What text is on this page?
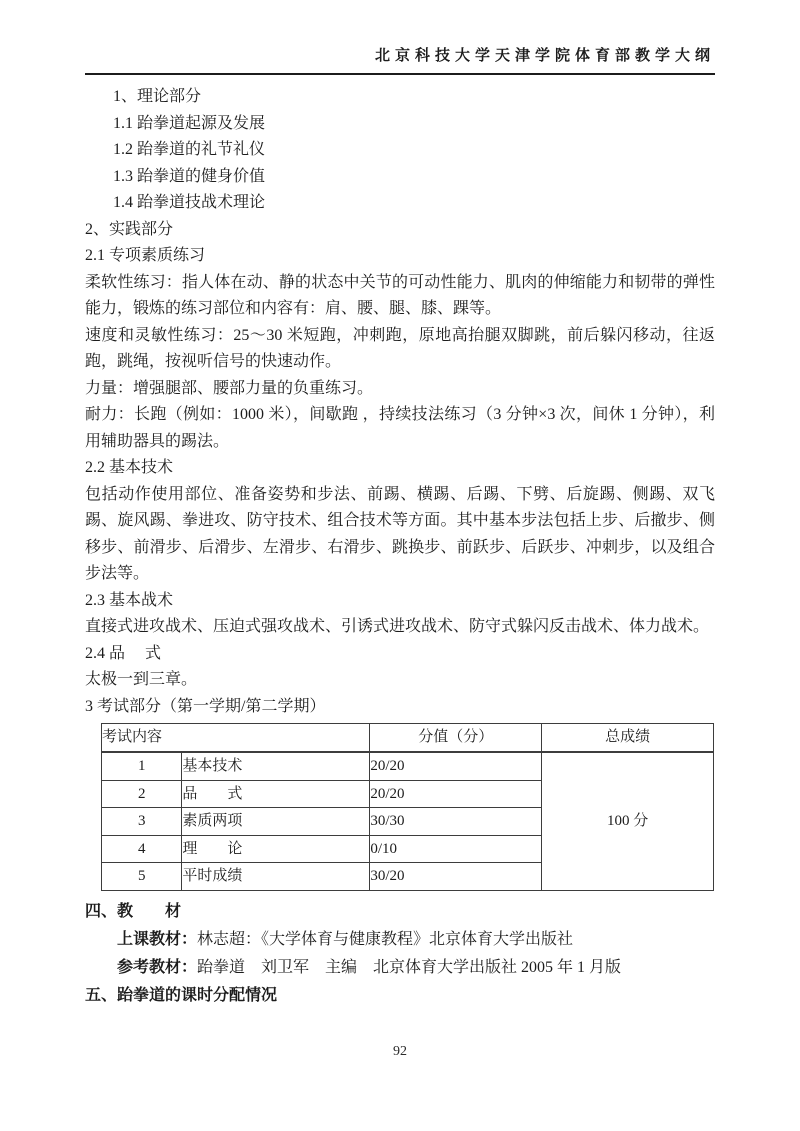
北京科技大学天津学院体育部教学大纲
1、理论部分
1.1 跆拳道起源及发展
1.2 跆拳道的礼节礼仪
1.3 跆拳道的健身价值
1.4 跆拳道技战术理论
2、实践部分
2.1 专项素质练习
柔软性练习：指人体在动、静的状态中关节的可动性能力、肌肉的伸缩能力和韧带的弹性能力，锻炼的练习部位和内容有：肩、腰、腿、膝、踝等。
速度和灵敏性练习：25～30 米短跑，冲刺跑，原地高抬腿双脚跳，前后躲闪移动，往返跑，跳绳，按视听信号的快速动作。
力量：增强腿部、腰部力量的负重练习。
耐力：长跑（例如：1000 米），间歇跑 ，持续技法练习（3 分钟×3 次，间休 1 分钟），利用辅助器具的踢法。
2.2 基本技术
包括动作使用部位、准备姿势和步法、前踢、横踢、后踢、下劈、后旋踢、侧踢、双飞踢、旋风踢、拳进攻、防守技术、组合技术等方面。其中基本步法包括上步、后撤步、侧移步、前滑步、后滑步、左滑步、右滑步、跳换步、前跃步、后跃步、冲刺步，以及组合步法等。
2.3 基本战术
直接式进攻战术、压迫式强攻战术、引诱式进攻战术、防守式躲闪反击战术、体力战术。
2.4 品　 式
太极一到三章。
3 考试部分（第一学期/第二学期）
考试内容		分值（分）	总成绩
1	基本技术	20/20	100 分
2	品　　式	20/20	
3	素质两项	30/30	
4	理　　论	0/10	
5	平时成绩	30/20	
四、教　　材
上课教材：林志超：《大学体育与健康教程》北京体育大学出版社
参考教材：跆拳道　刘卫军　主编　北京体育大学出版社 2005 年 1 月版
五、跆拳道的课时分配情况
92
